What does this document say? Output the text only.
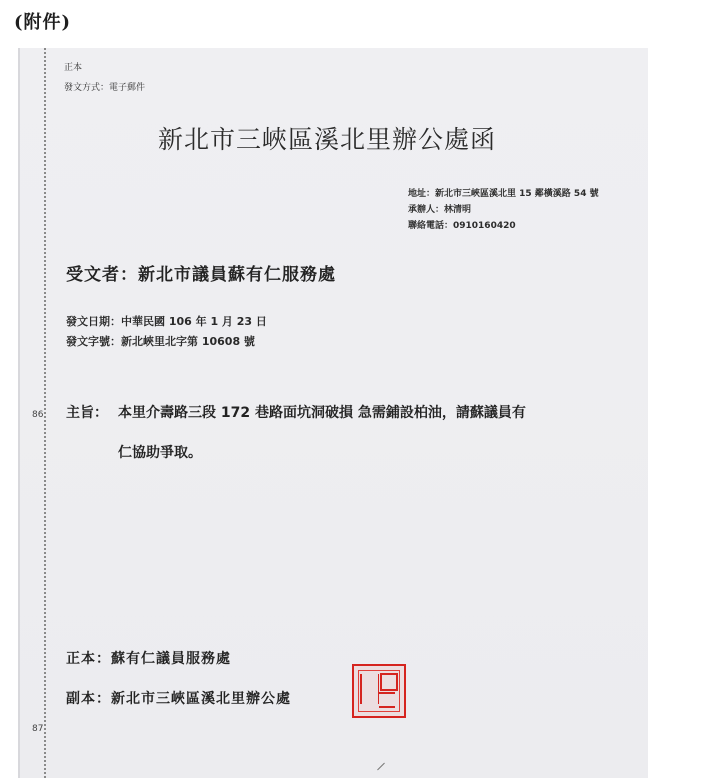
(附件)
86
87
正本
發文方式：電子郵件
新北市三峽區溪北里辦公處函
地址：新北市三峽區溪北里 15 鄰橫溪路 54 號
承辦人：林清明
聯絡電話：0910160420
受文者：新北市議員蘇有仁服務處
發文日期：中華民國 106 年 1 月 23 日
發文字號：新北峽里北字第 10608 號
主旨： 本里介壽路三段 172 巷路面坑洞破損 急需鋪設柏油，請蘇議員有
仁協助爭取。
正本：蘇有仁議員服務處
副本：新北市三峽區溪北里辦公處
